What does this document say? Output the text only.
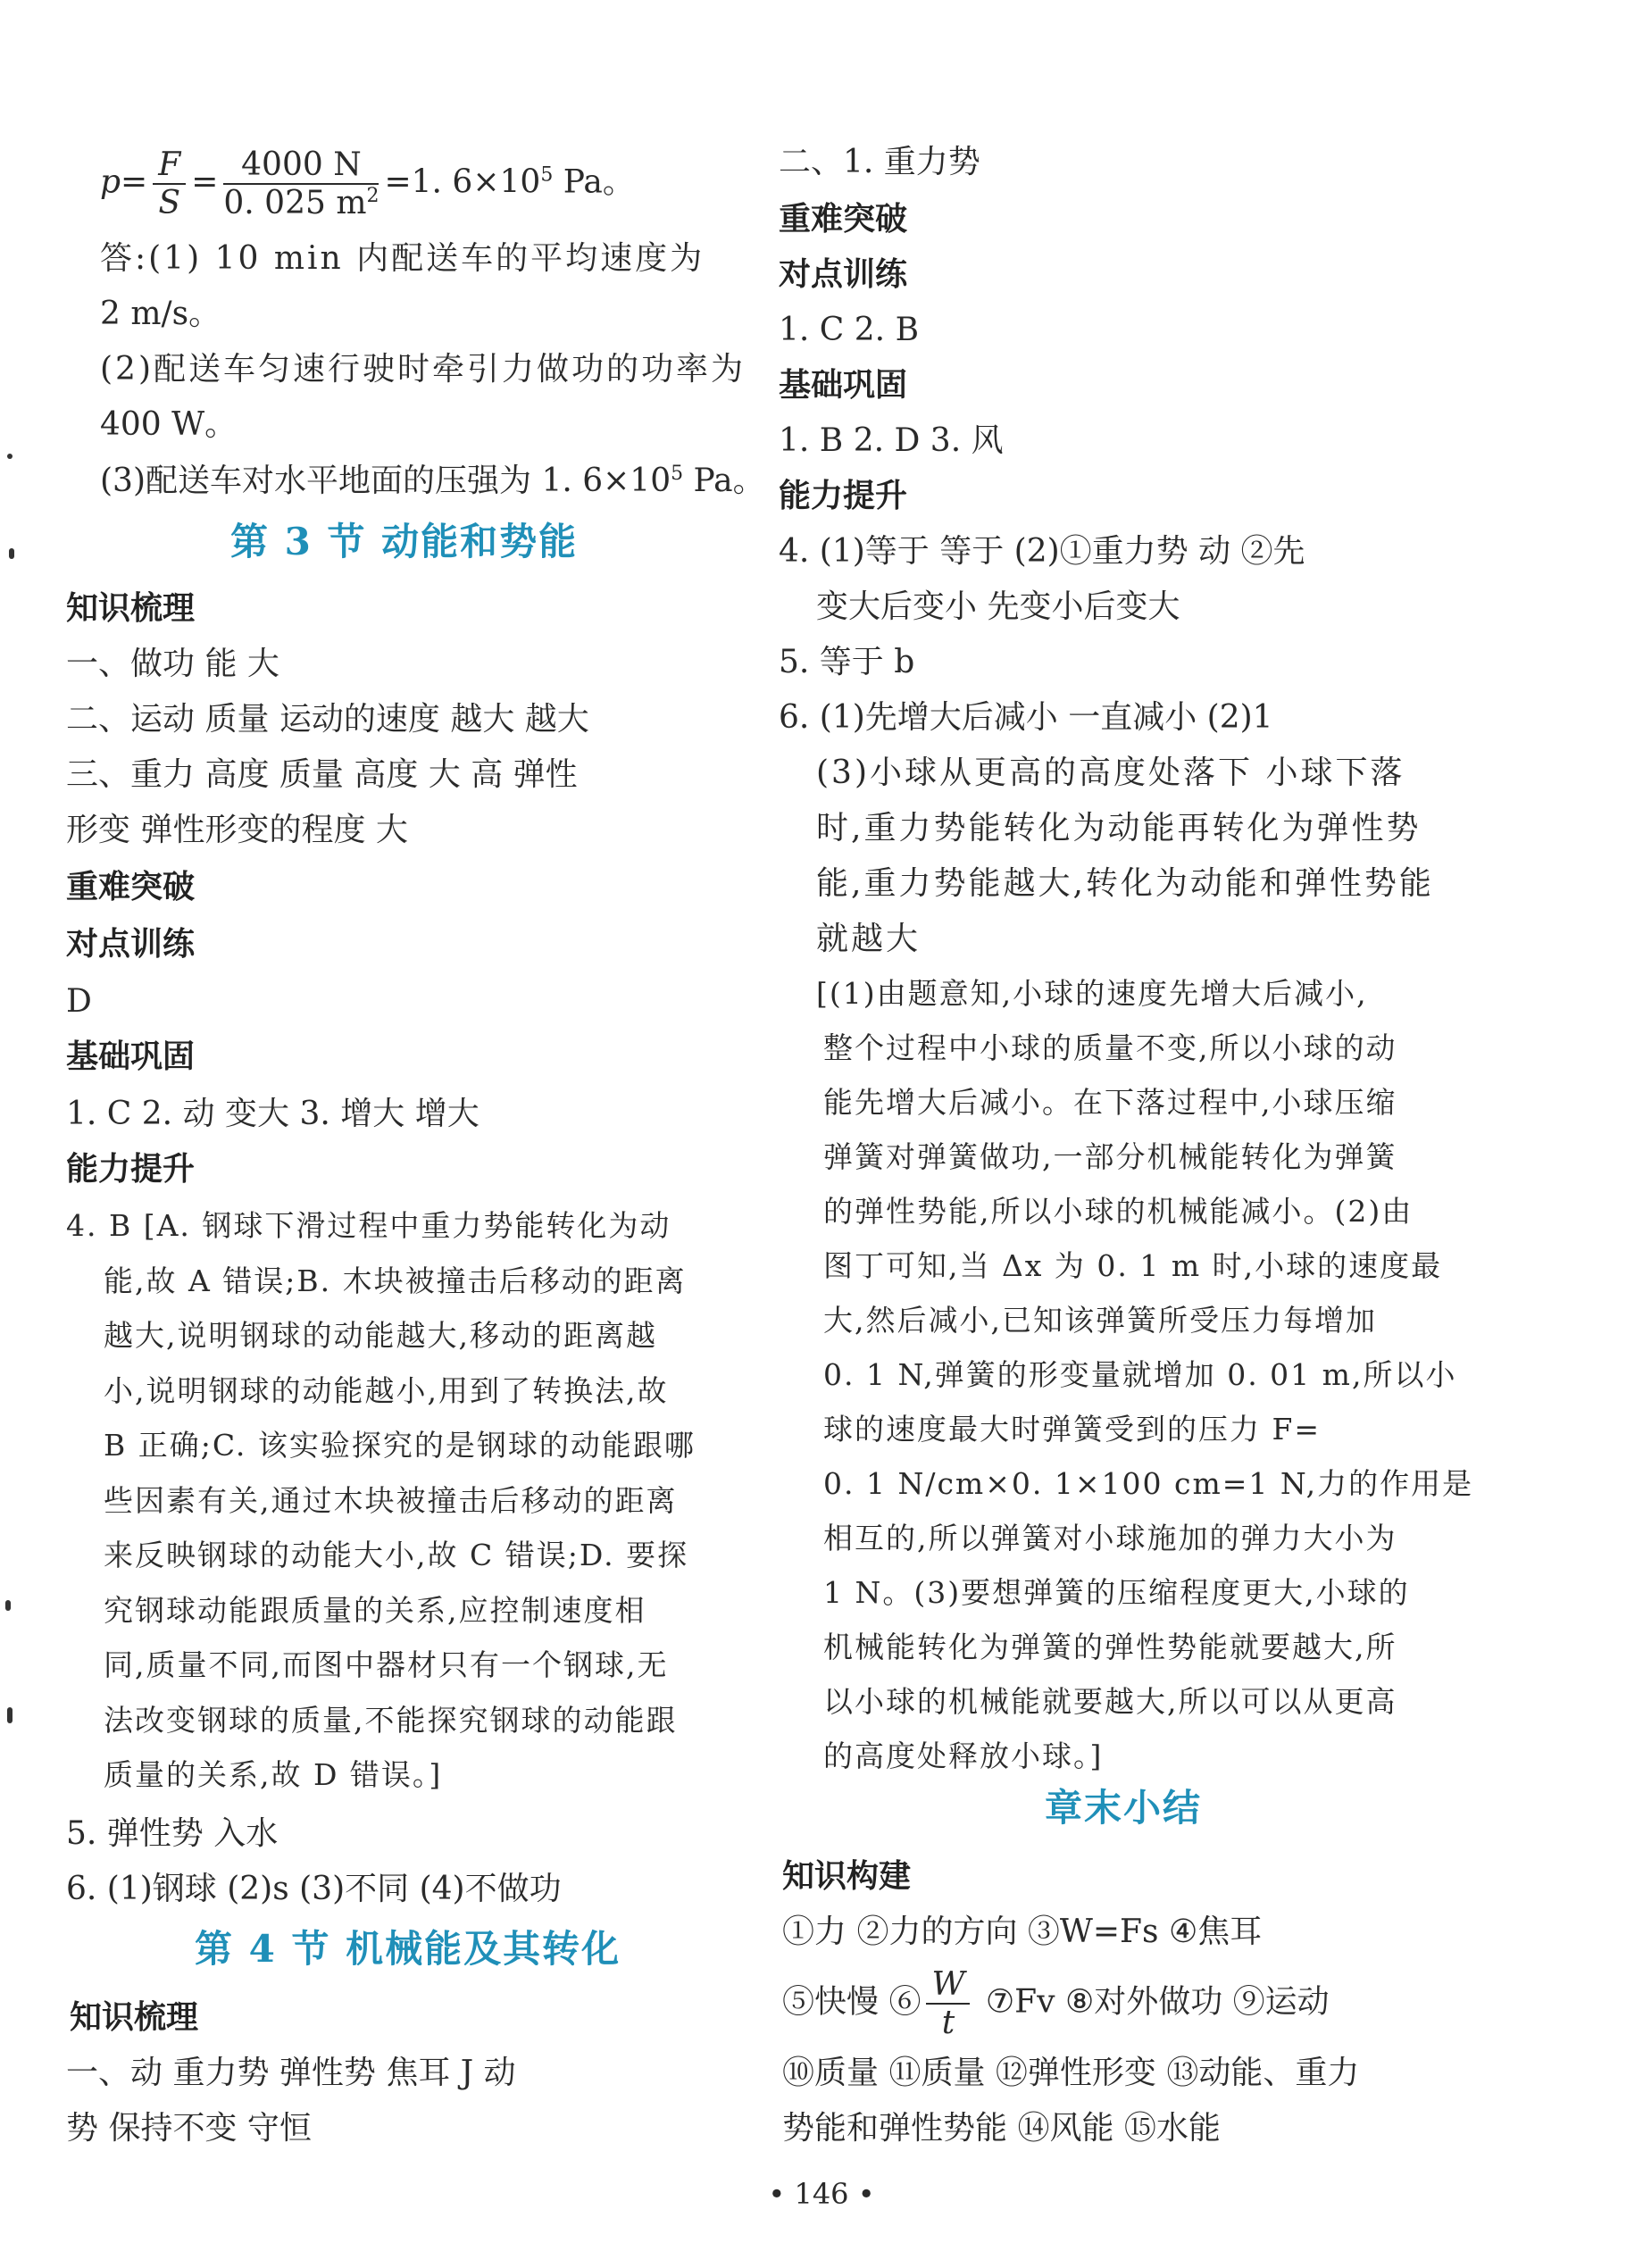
$p= \frac{F}{S} = \frac{4000 N}{0. 025 m^2} =1$. $6\times 10^5$ Pa。
答:(1) 10 min 内配送车的平均速度为
2 m/s。
(2)配送车匀速行驶时牵引力做功的功率为
400 W。
(3)配送车对水平地面的压强为 1. $6\times 10^5$ Pa。
第 3 节 动能和势能
知识梳理
一、做功 能 大
二、运动 质量 运动的速度 越大 越大
三、重力 高度 质量 高度 大 高 弹性
形变 弹性形变的程度 大
重难突破
对点训练
D
基础巩固
1. C 2. 动 变大 3. 增大 增大
能力提升
4. B [A. 钢球下滑过程中重力势能转化为动
能,故 A 错误;B. 木块被撞击后移动的距离
越大,说明钢球的动能越大,移动的距离越
小,说明钢球的动能越小,用到了转换法,故
B 正确;C. 该实验探究的是钢球的动能跟哪
些因素有关,通过木块被撞击后移动的距离
来反映钢球的动能大小,故 C 错误;D. 要探
究钢球动能跟质量的关系,应控制速度相
同,质量不同,而图中器材只有一个钢球,无
法改变钢球的质量,不能探究钢球的动能跟
质量的关系,故 D 错误。]
5. 弹性势 入水
6. (1)钢球 (2)s (3)不同 (4)不做功
第 4 节 机械能及其转化
知识梳理
一、动 重力势 弹性势 焦耳 J 动
势 保持不变 守恒
二、1. 重力势
重难突破
对点训练
1. C 2. B
基础巩固
1. B 2. D 3. 风
能力提升
4. (1)等于 等于 (2)①重力势 动 ②先
变大后变小 先变小后变大
5. 等于 b
6. (1)先增大后减小 一直减小 (2)1
(3)小球从更高的高度处落下 小球下落
时,重力势能转化为动能再转化为弹性势
能,重力势能越大,转化为动能和弹性势能
就越大
[(1)由题意知,小球的速度先增大后减小,
整个过程中小球的质量不变,所以小球的动
能先增大后减小。在下落过程中,小球压缩
弹簧对弹簧做功,一部分机械能转化为弹簧
的弹性势能,所以小球的机械能减小。(2)由
图丁可知,当 Δx 为 0. 1 m 时,小球的速度最
大,然后减小,已知该弹簧所受压力每增加
0. 1 N,弹簧的形变量就增加 0. 01 m,所以小
球的速度最大时弹簧受到的压力 F=
0. 1 N/cm×0. 1×100 cm=1 N,力的作用是
相互的,所以弹簧对小球施加的弹力大小为
1 N。(3)要想弹簧的压缩程度更大,小球的
机械能转化为弹簧的弹性势能就要越大,所
以小球的机械能就要越大,所以可以从更高
的高度处释放小球。]
章末小结
知识构建
①力 ②力的方向 ③W=Fs ④焦耳
⑤快慢 ⑥ $\frac{W}{t}$ ⑦Fv ⑧对外做功 ⑨运动
⑩质量 ⑪质量 ⑫弹性形变 ⑬动能、重力
势能和弹性势能 ⑭风能 ⑮水能
• 146 •
